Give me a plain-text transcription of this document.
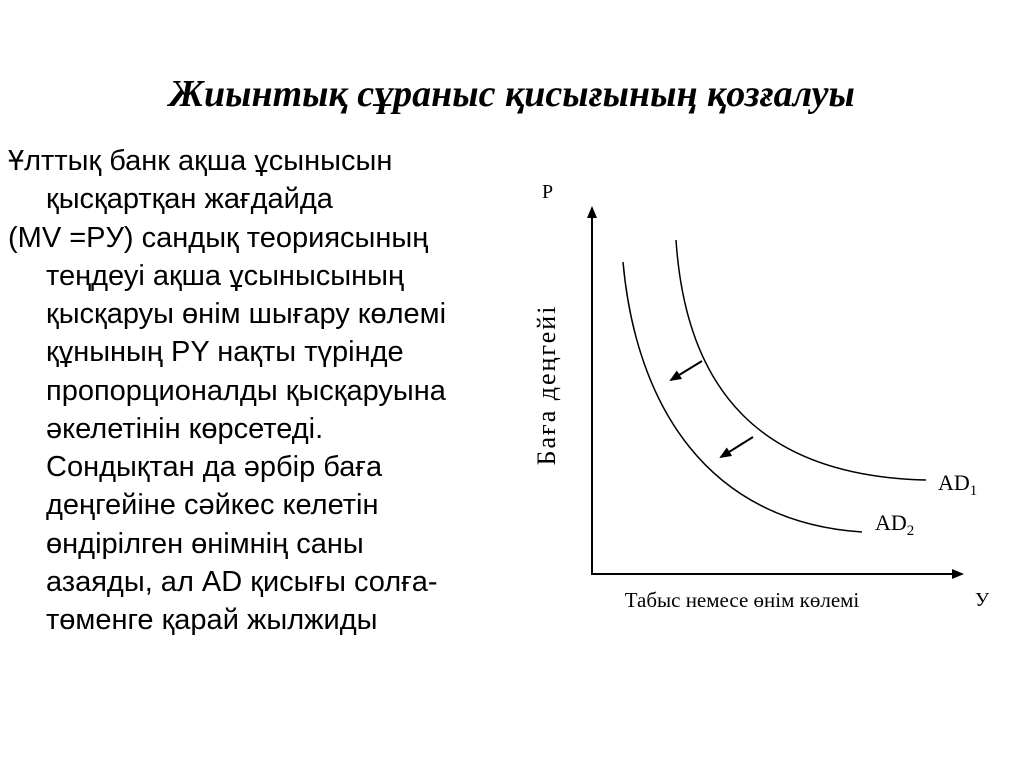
Жиынтық сұраныс қисығының қозғалуы
Ұлттық банк ақша ұсынысын
қысқартқан жағдайда
(MV =PУ) сандық теориясының
теңдеуі ақша ұсынысының
қысқаруы өнім шығару көлемі
құнының PY нақты түрінде
пропорционалды қысқаруына
әкелетінін көрсетеді.
Сондықтан да әрбір баға
деңгейіне сәйкес келетін
өндірілген өнімнің саны
азаяды, ал AD қисығы солға-
төменге қарай жылжиды
P
У
Баға деңгейі
Табыс немесе өнім көлемі
$AD_1$
$AD_2$
